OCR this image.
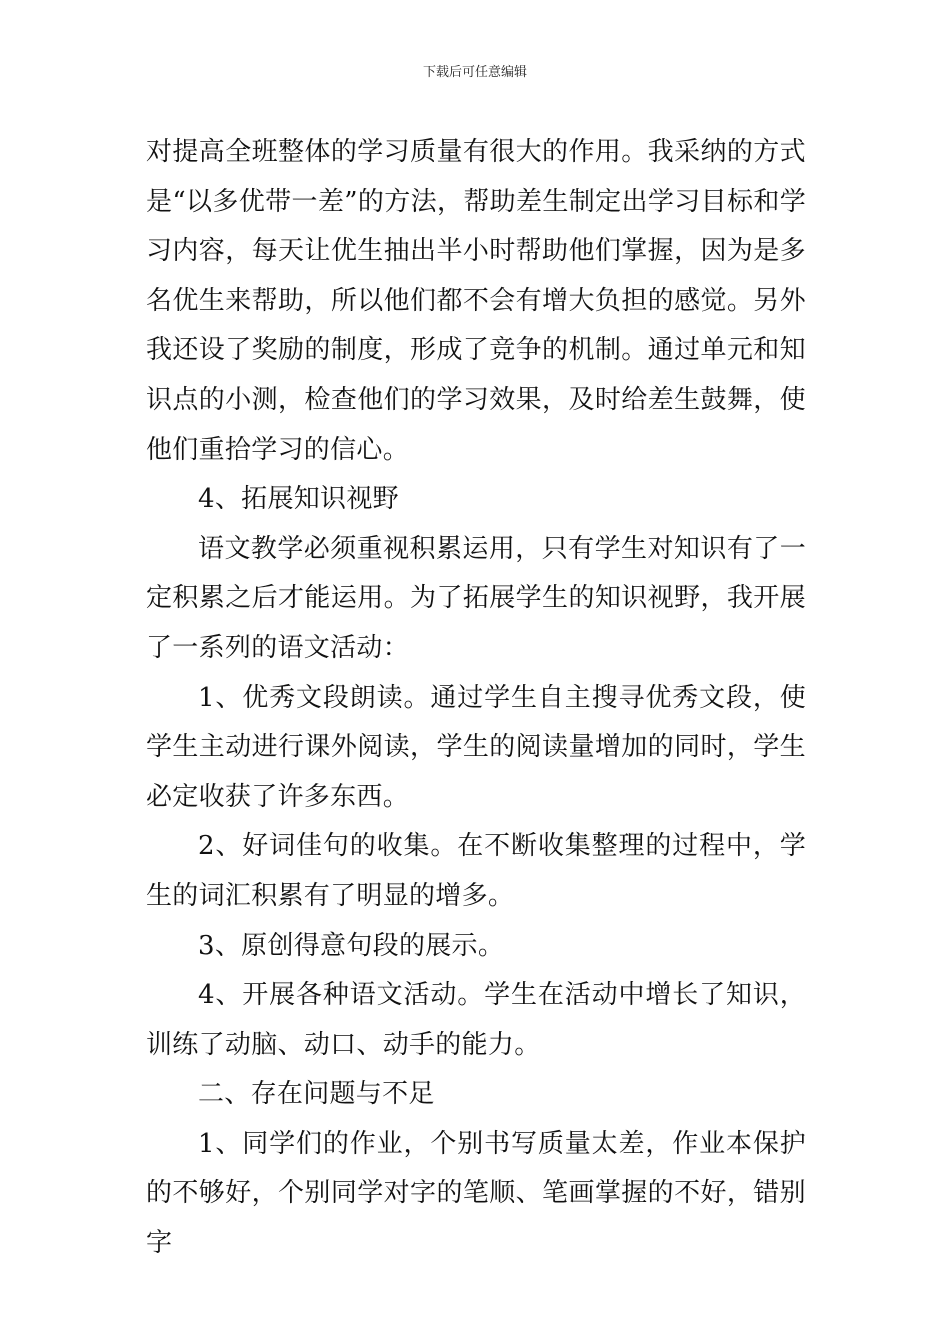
下载后可任意编辑

对提高全班整体的学习质量有很大的作用。我采纳的方式是“以多优带一差”的方法，帮助差生制定出学习目标和学习内容，每天让优生抽出半小时帮助他们掌握，因为是多名优生来帮助，所以他们都不会有增大负担的感觉。另外我还设了奖励的制度，形成了竞争的机制。通过单元和知识点的小测，检查他们的学习效果，及时给差生鼓舞，使他们重拾学习的信心。

4、拓展知识视野

语文教学必须重视积累运用，只有学生对知识有了一定积累之后才能运用。为了拓展学生的知识视野，我开展了一系列的语文活动：

1、优秀文段朗读。通过学生自主搜寻优秀文段，使学生主动进行课外阅读，学生的阅读量增加的同时，学生必定收获了许多东西。

2、好词佳句的收集。在不断收集整理的过程中，学生的词汇积累有了明显的增多。

3、原创得意句段的展示。

4、开展各种语文活动。学生在活动中增长了知识，训练了动脑、动口、动手的能力。

二、存在问题与不足

1、同学们的作业，个别书写质量太差，作业本保护的不够好，个别同学对字的笔顺、笔画掌握的不好，错别字
